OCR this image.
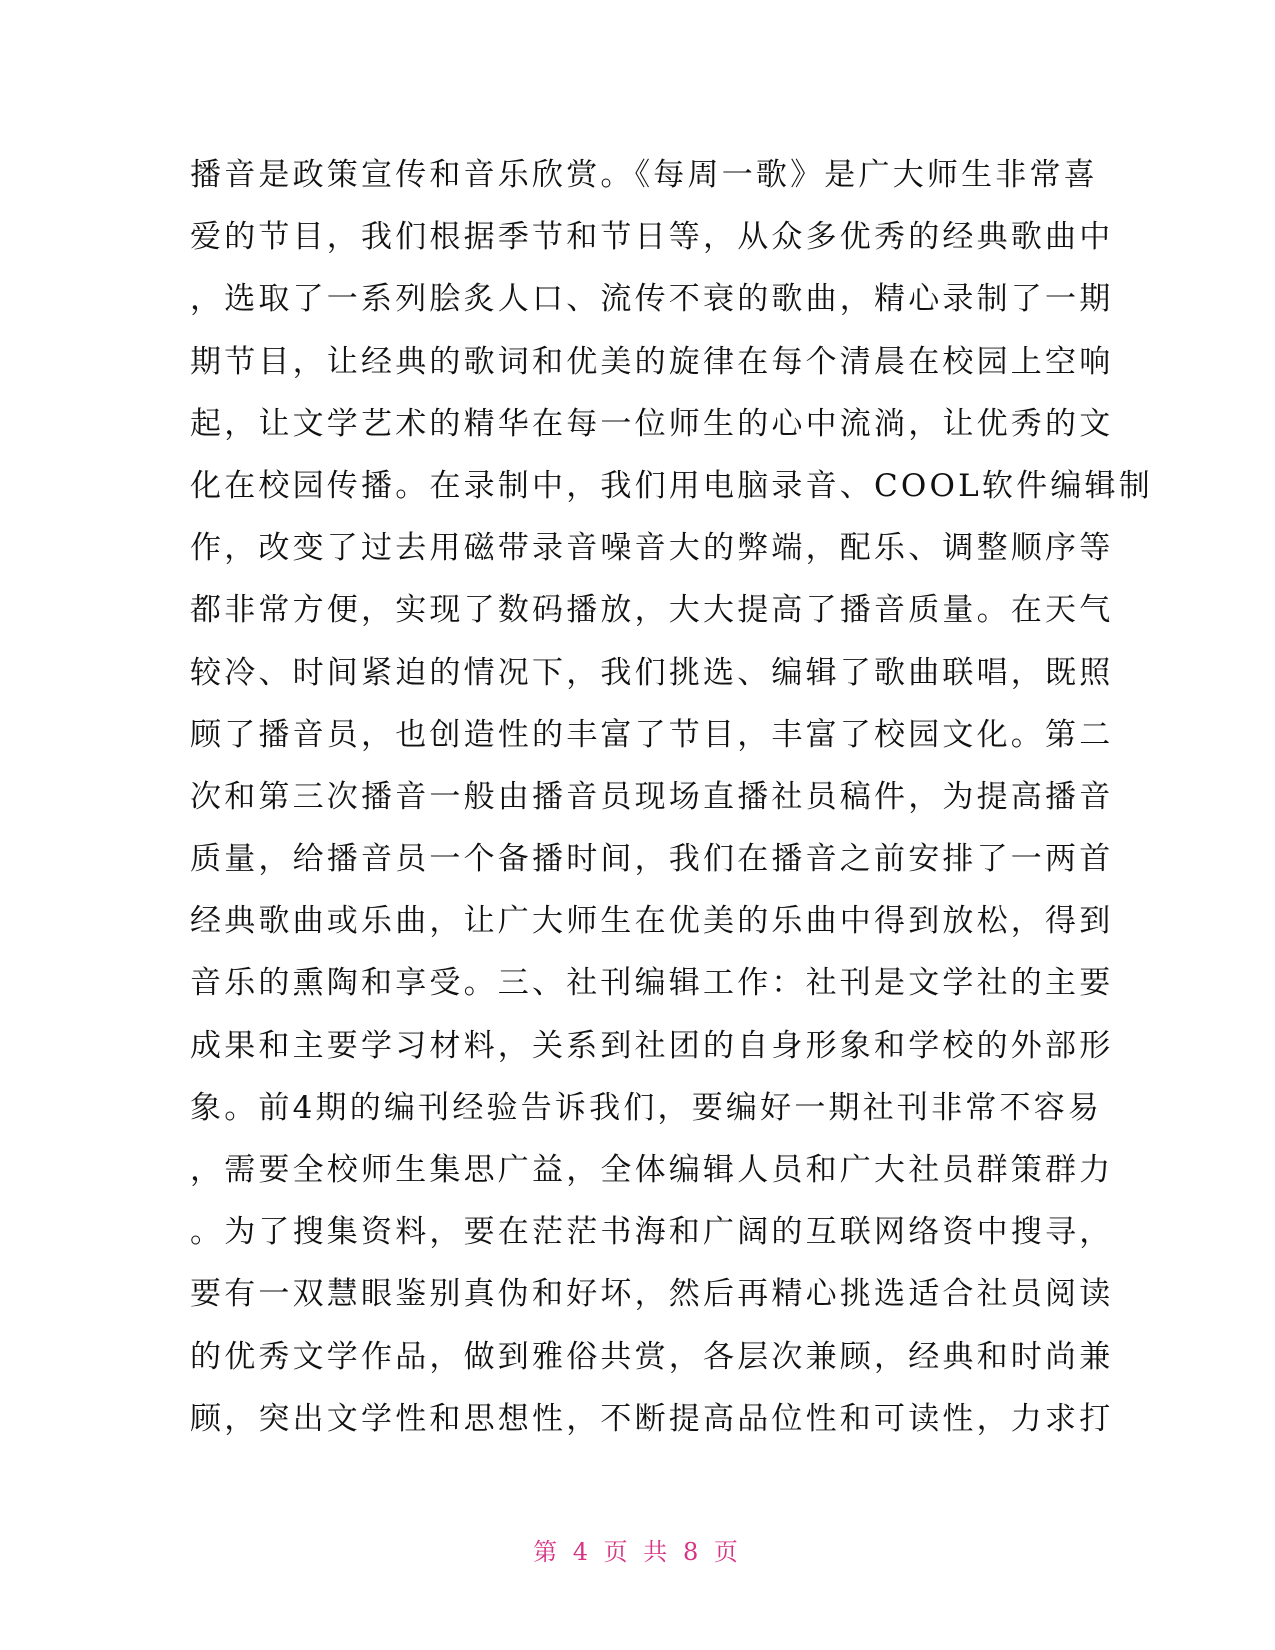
播音是政策宣传和音乐欣赏。《每周一歌》是广大师生非常喜
爱的节目，我们根据季节和节日等，从众多优秀的经典歌曲中
，选取了一系列脍炙人口、流传不衰的歌曲，精心录制了一期
期节目，让经典的歌词和优美的旋律在每个清晨在校园上空响
起，让文学艺术的精华在每一位师生的心中流淌，让优秀的文
化在校园传播。在录制中，我们用电脑录音、COOL软件编辑制
作，改变了过去用磁带录音噪音大的弊端，配乐、调整顺序等
都非常方便，实现了数码播放，大大提高了播音质量。在天气
较冷、时间紧迫的情况下，我们挑选、编辑了歌曲联唱，既照
顾了播音员，也创造性的丰富了节目，丰富了校园文化。第二
次和第三次播音一般由播音员现场直播社员稿件，为提高播音
质量，给播音员一个备播时间，我们在播音之前安排了一两首
经典歌曲或乐曲，让广大师生在优美的乐曲中得到放松，得到
音乐的熏陶和享受。三、社刊编辑工作：社刊是文学社的主要
成果和主要学习材料，关系到社团的自身形象和学校的外部形
象。前4期的编刊经验告诉我们，要编好一期社刊非常不容易
，需要全校师生集思广益，全体编辑人员和广大社员群策群力
。为了搜集资料，要在茫茫书海和广阔的互联网络资中搜寻，
要有一双慧眼鉴别真伪和好坏，然后再精心挑选适合社员阅读
的优秀文学作品，做到雅俗共赏，各层次兼顾，经典和时尚兼
顾，突出文学性和思想性，不断提高品位性和可读性，力求打
第 4 页 共 8 页
